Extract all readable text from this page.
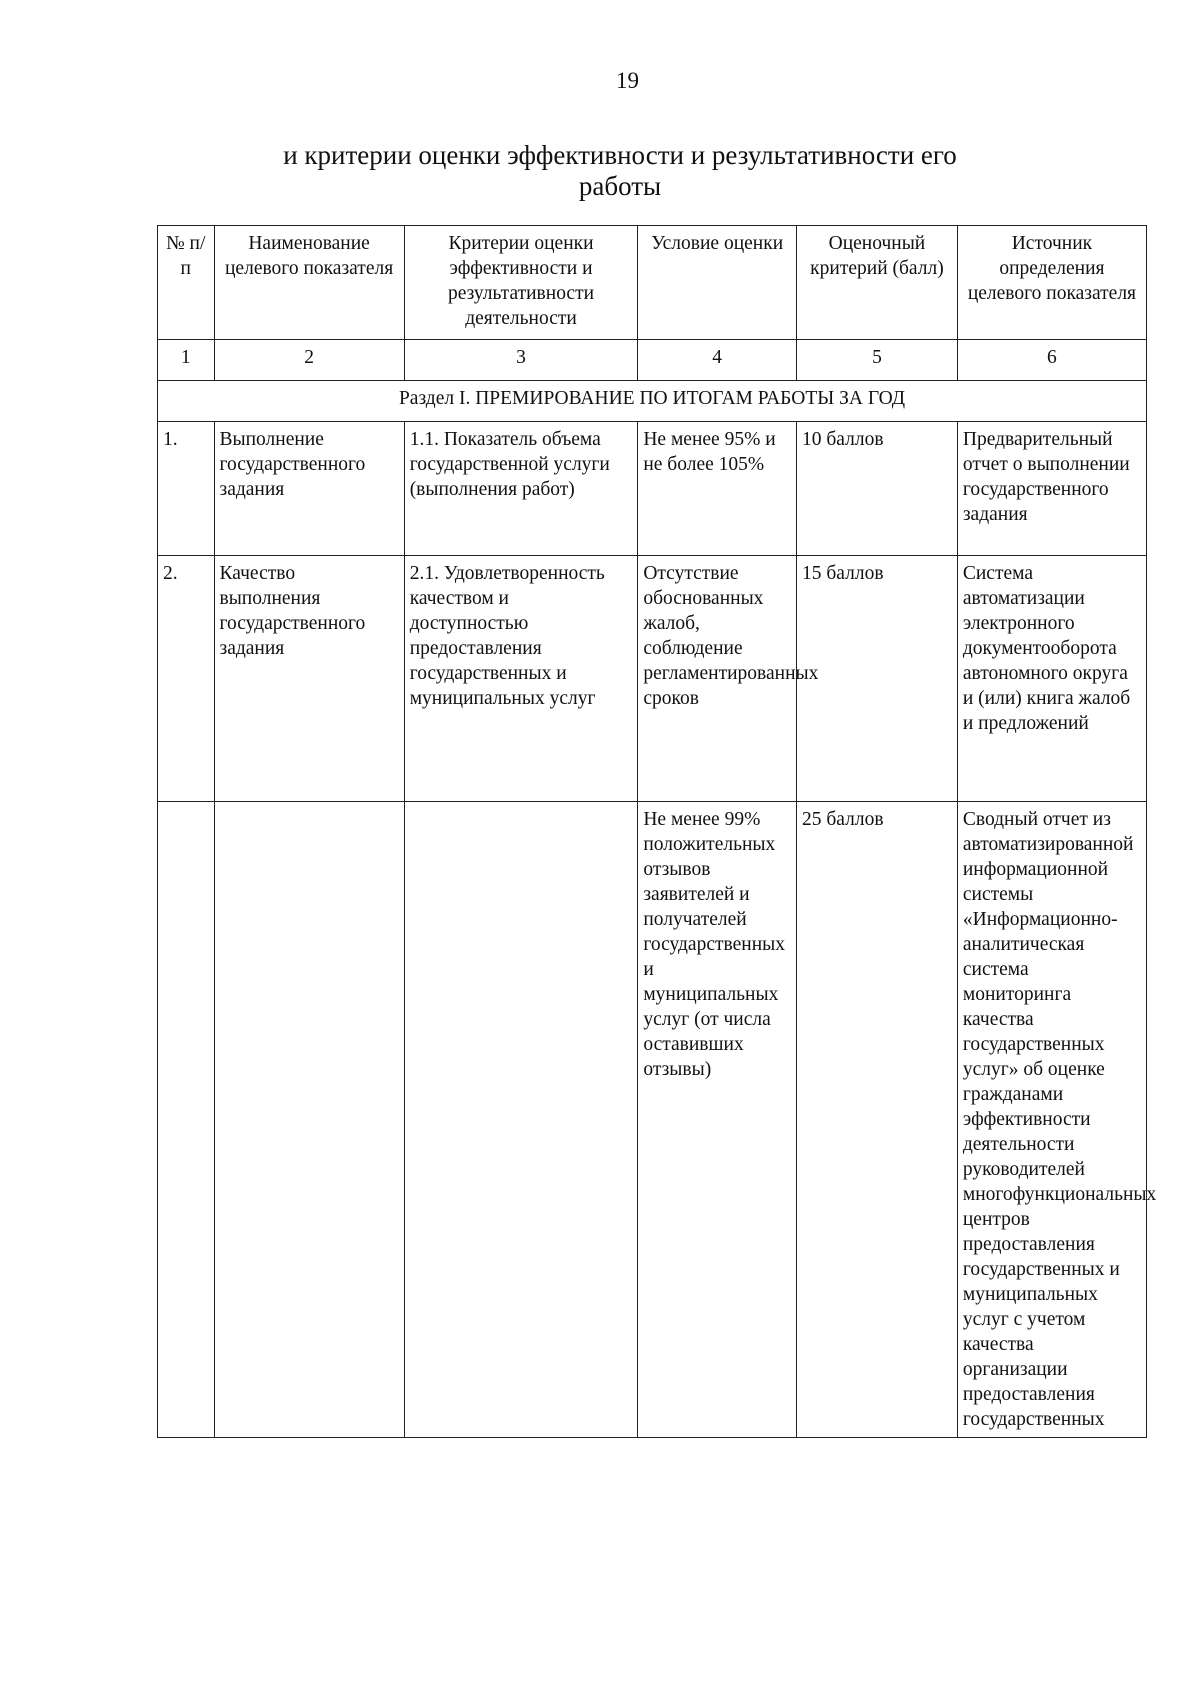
19
и критерии оценки эффективности и результативности его
работы
№ п/п	Наименование целевого показателя	Критерии оценки эффективности и результативности деятельности	Условие оценки	Оценочный критерий (балл)	Источник определения целевого показателя
1	2	3	4	5	6
Раздел I. ПРЕМИРОВАНИЕ ПО ИТОГАМ РАБОТЫ ЗА ГОД					
1.	Выполнение государственного задания	1.1. Показатель объема государственной услуги (выполнения работ)	Не менее 95% и не более 105%	10 баллов	Предварительный отчет о выполнении государственного задания
2.	Качество выполнения государственного задания	2.1. Удовлетворенность качеством и доступностью предоставления государственных и муниципальных услуг	Отсутствие обоснованных жалоб, соблюдение регламентированных сроков	15 баллов	Система автоматизации электронного документооборота автономного округа и (или) книга жалоб и предложений
			Не менее 99% положительных отзывов заявителей и получателей государственных и муниципальных услуг (от числа оставивших отзывы)	25 баллов	Сводный отчет из автоматизированной информационной системы «Информационно-аналитическая система мониторинга качества государственных услуг» об оценке гражданами эффективности деятельности руководителей многофункциональных центров предоставления государственных и муниципальных услуг с учетом качества организации предоставления государственных
